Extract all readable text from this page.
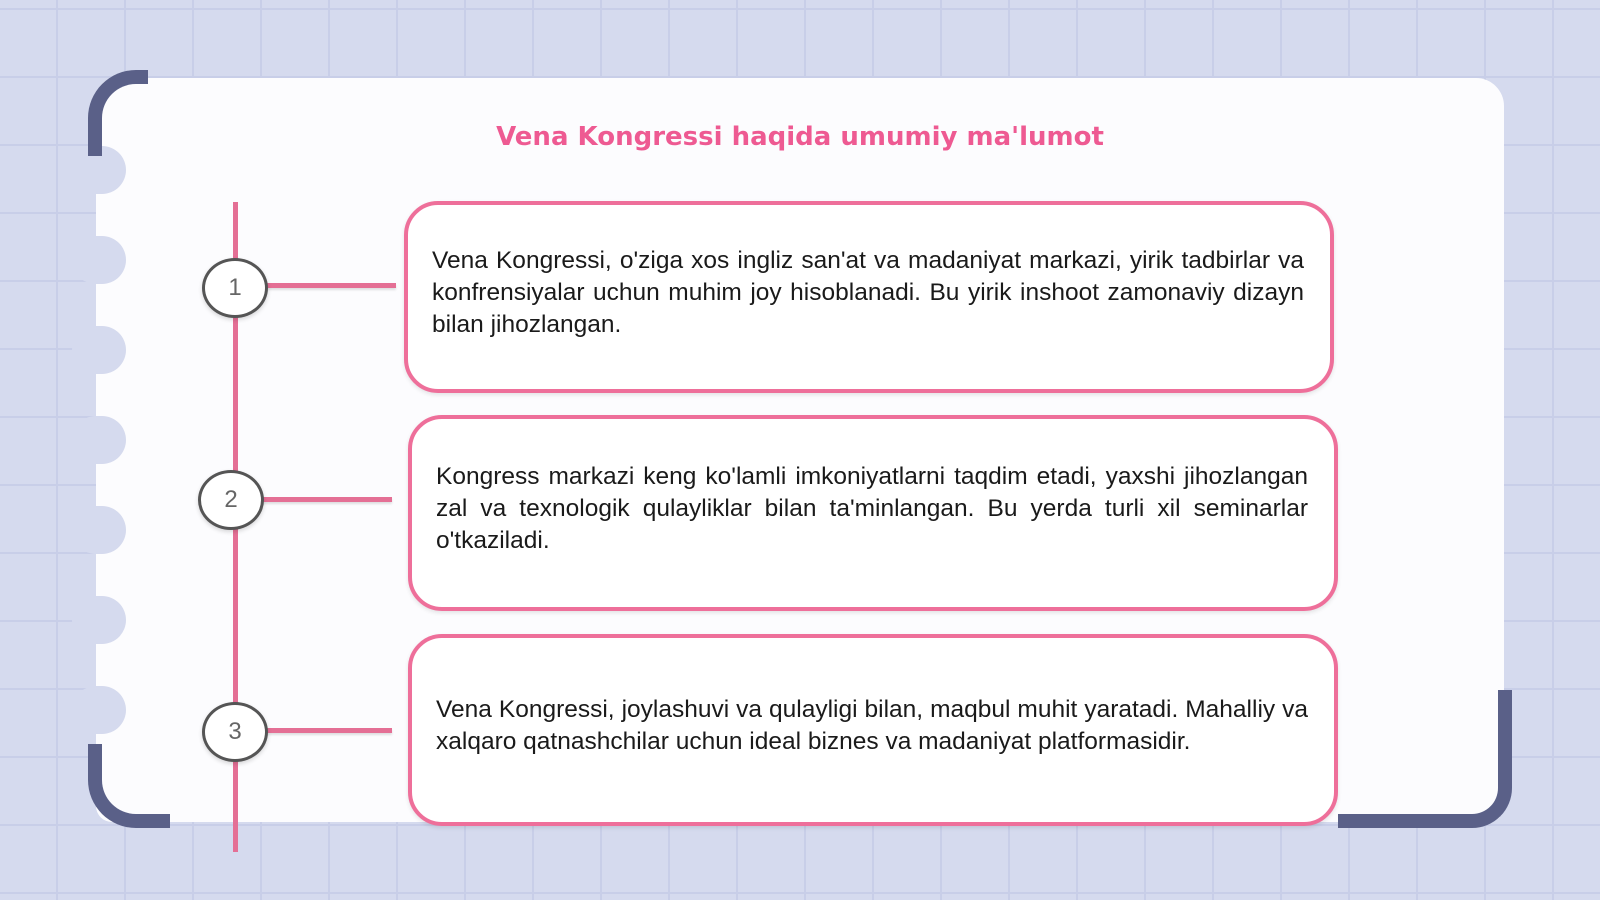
Vena Kongressi haqida umumiy ma'lumot
1

Vena Kongressi, o'ziga xos ingliz san'at va madaniyat markazi, yirik tadbirlar va konfrensiyalar uchun muhim joy hisoblanadi. Bu yirik inshoot zamonaviy dizayn bilan jihozlangan.

2

Kongress markazi keng ko'lamli imkoniyatlarni taqdim etadi, yaxshi jihozlangan zal va texnologik qulayliklar bilan ta'minlangan. Bu yerda turli xil seminarlar o'tkaziladi.

3

Vena Kongressi, joylashuvi va qulayligi bilan, maqbul muhit yaratadi. Mahalliy va xalqaro qatnashchilar uchun ideal biznes va madaniyat platformasidir.
